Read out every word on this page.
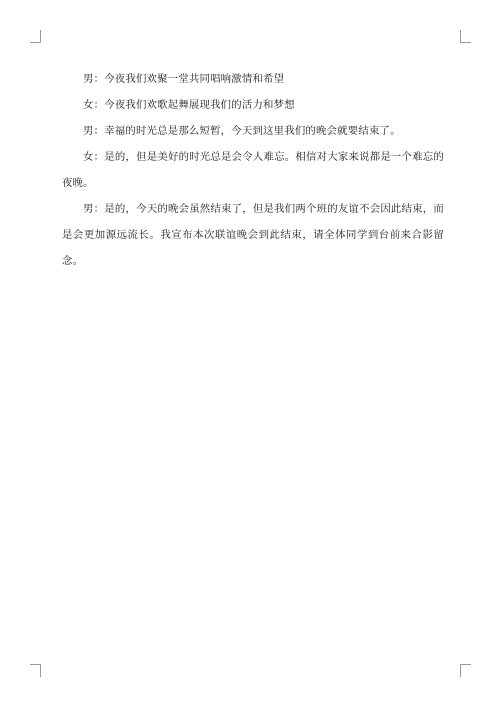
男：今夜我们欢聚一堂共同唱响激情和希望

女：今夜我们欢歌起舞展现我们的活力和梦想

男：幸福的时光总是那么短暂，今天到这里我们的晚会就要结束了。

女：是的，但是美好的时光总是会令人难忘。相信对大家来说都是一个难忘的夜晚。

男：是的，今天的晚会虽然结束了，但是我们两个班的友谊不会因此结束，而是会更加源远流长。我宣布本次联谊晚会到此结束，请全体同学到台前来合影留念。
